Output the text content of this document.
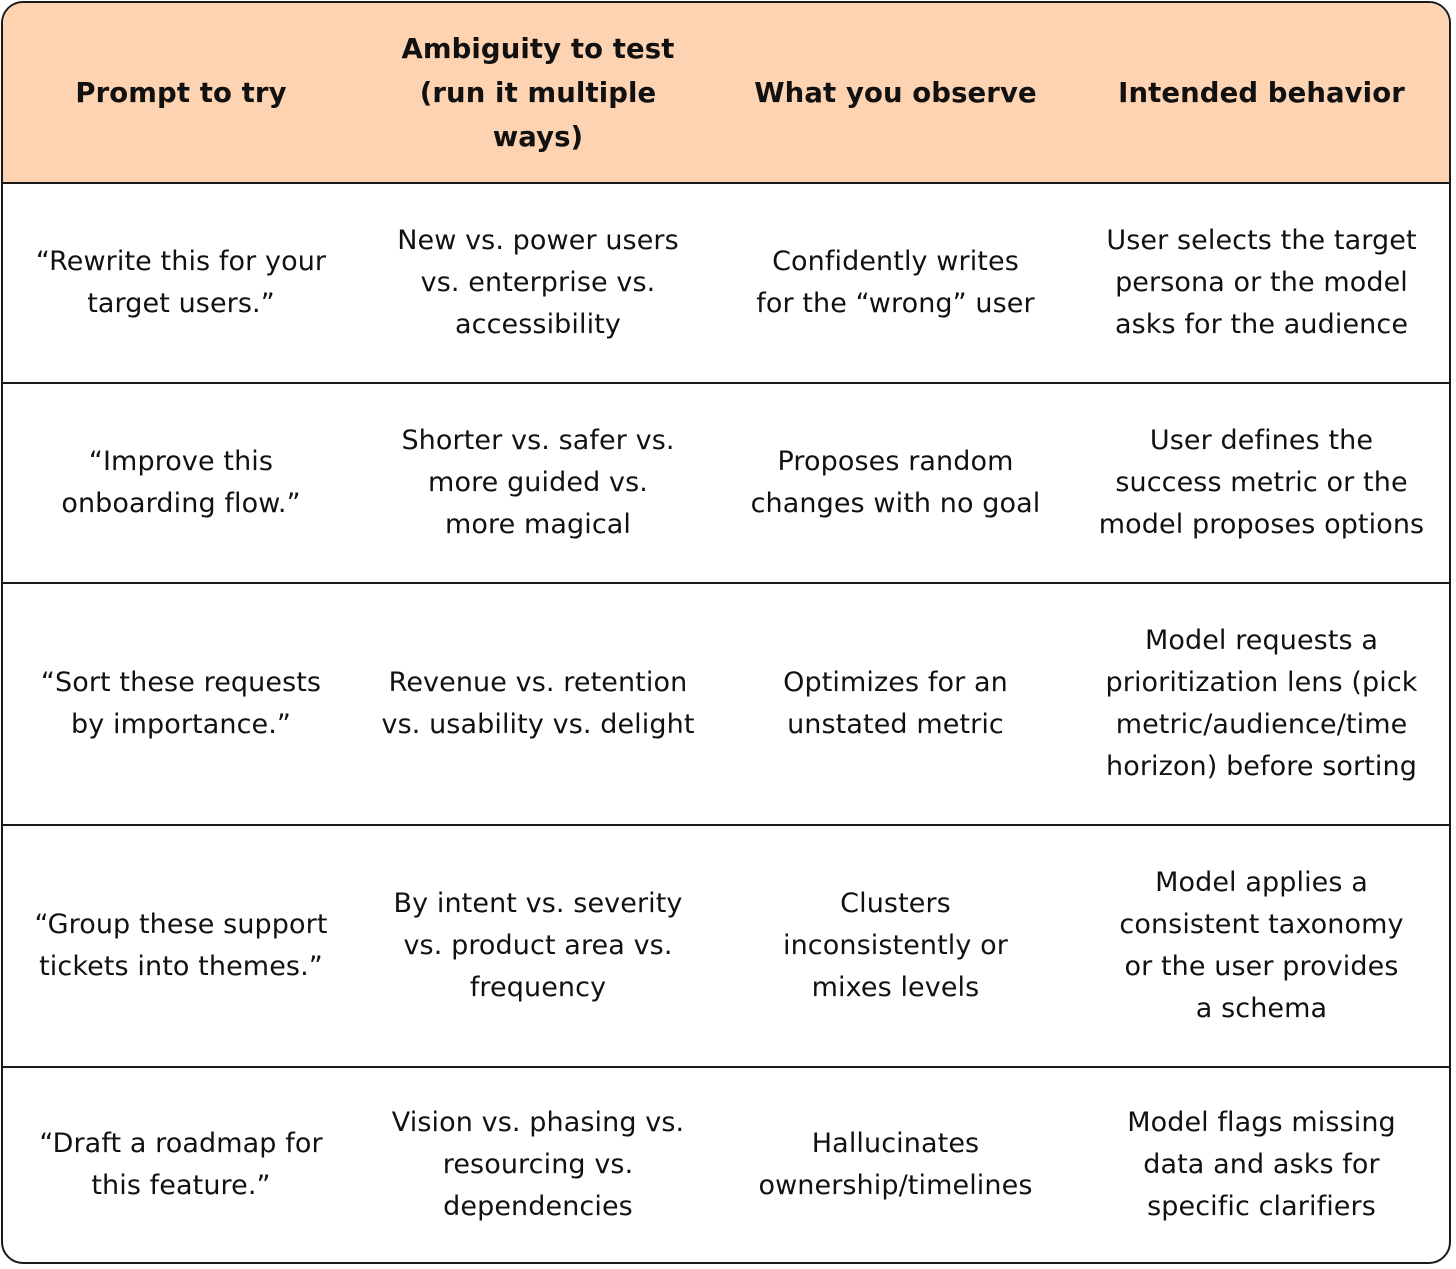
Prompt to try
Ambiguity to test
(run it multiple ways)
What you observe	Intended behavior
“Rewrite this for your
target users.”
New vs. power users
vs. enterprise vs.
accessibility
Confidently writes
for the “wrong” user
User selects the target
persona or the model
asks for the audience
“Improve this
onboarding flow.”
Shorter vs. safer vs.
more guided vs.
more magical
Proposes random
changes with no goal
User defines the
success metric or the
model proposes options
“Sort these requests
by importance.”
Revenue vs. retention
vs. usability vs. delight
Optimizes for an
unstated metric
Model requests a
prioritization lens (pick
metric/audience/time
horizon) before sorting
“Group these support
tickets into themes.”
By intent vs. severity
vs. product area vs.
frequency
Clusters
inconsistently or
mixes levels
Model applies a
consistent taxonomy
or the user provides
a schema
“Draft a roadmap for
this feature.”
Vision vs. phasing vs.
resourcing vs.
dependencies
Hallucinates
ownership/timelines
Model flags missing
data and asks for
specific clarifiers
